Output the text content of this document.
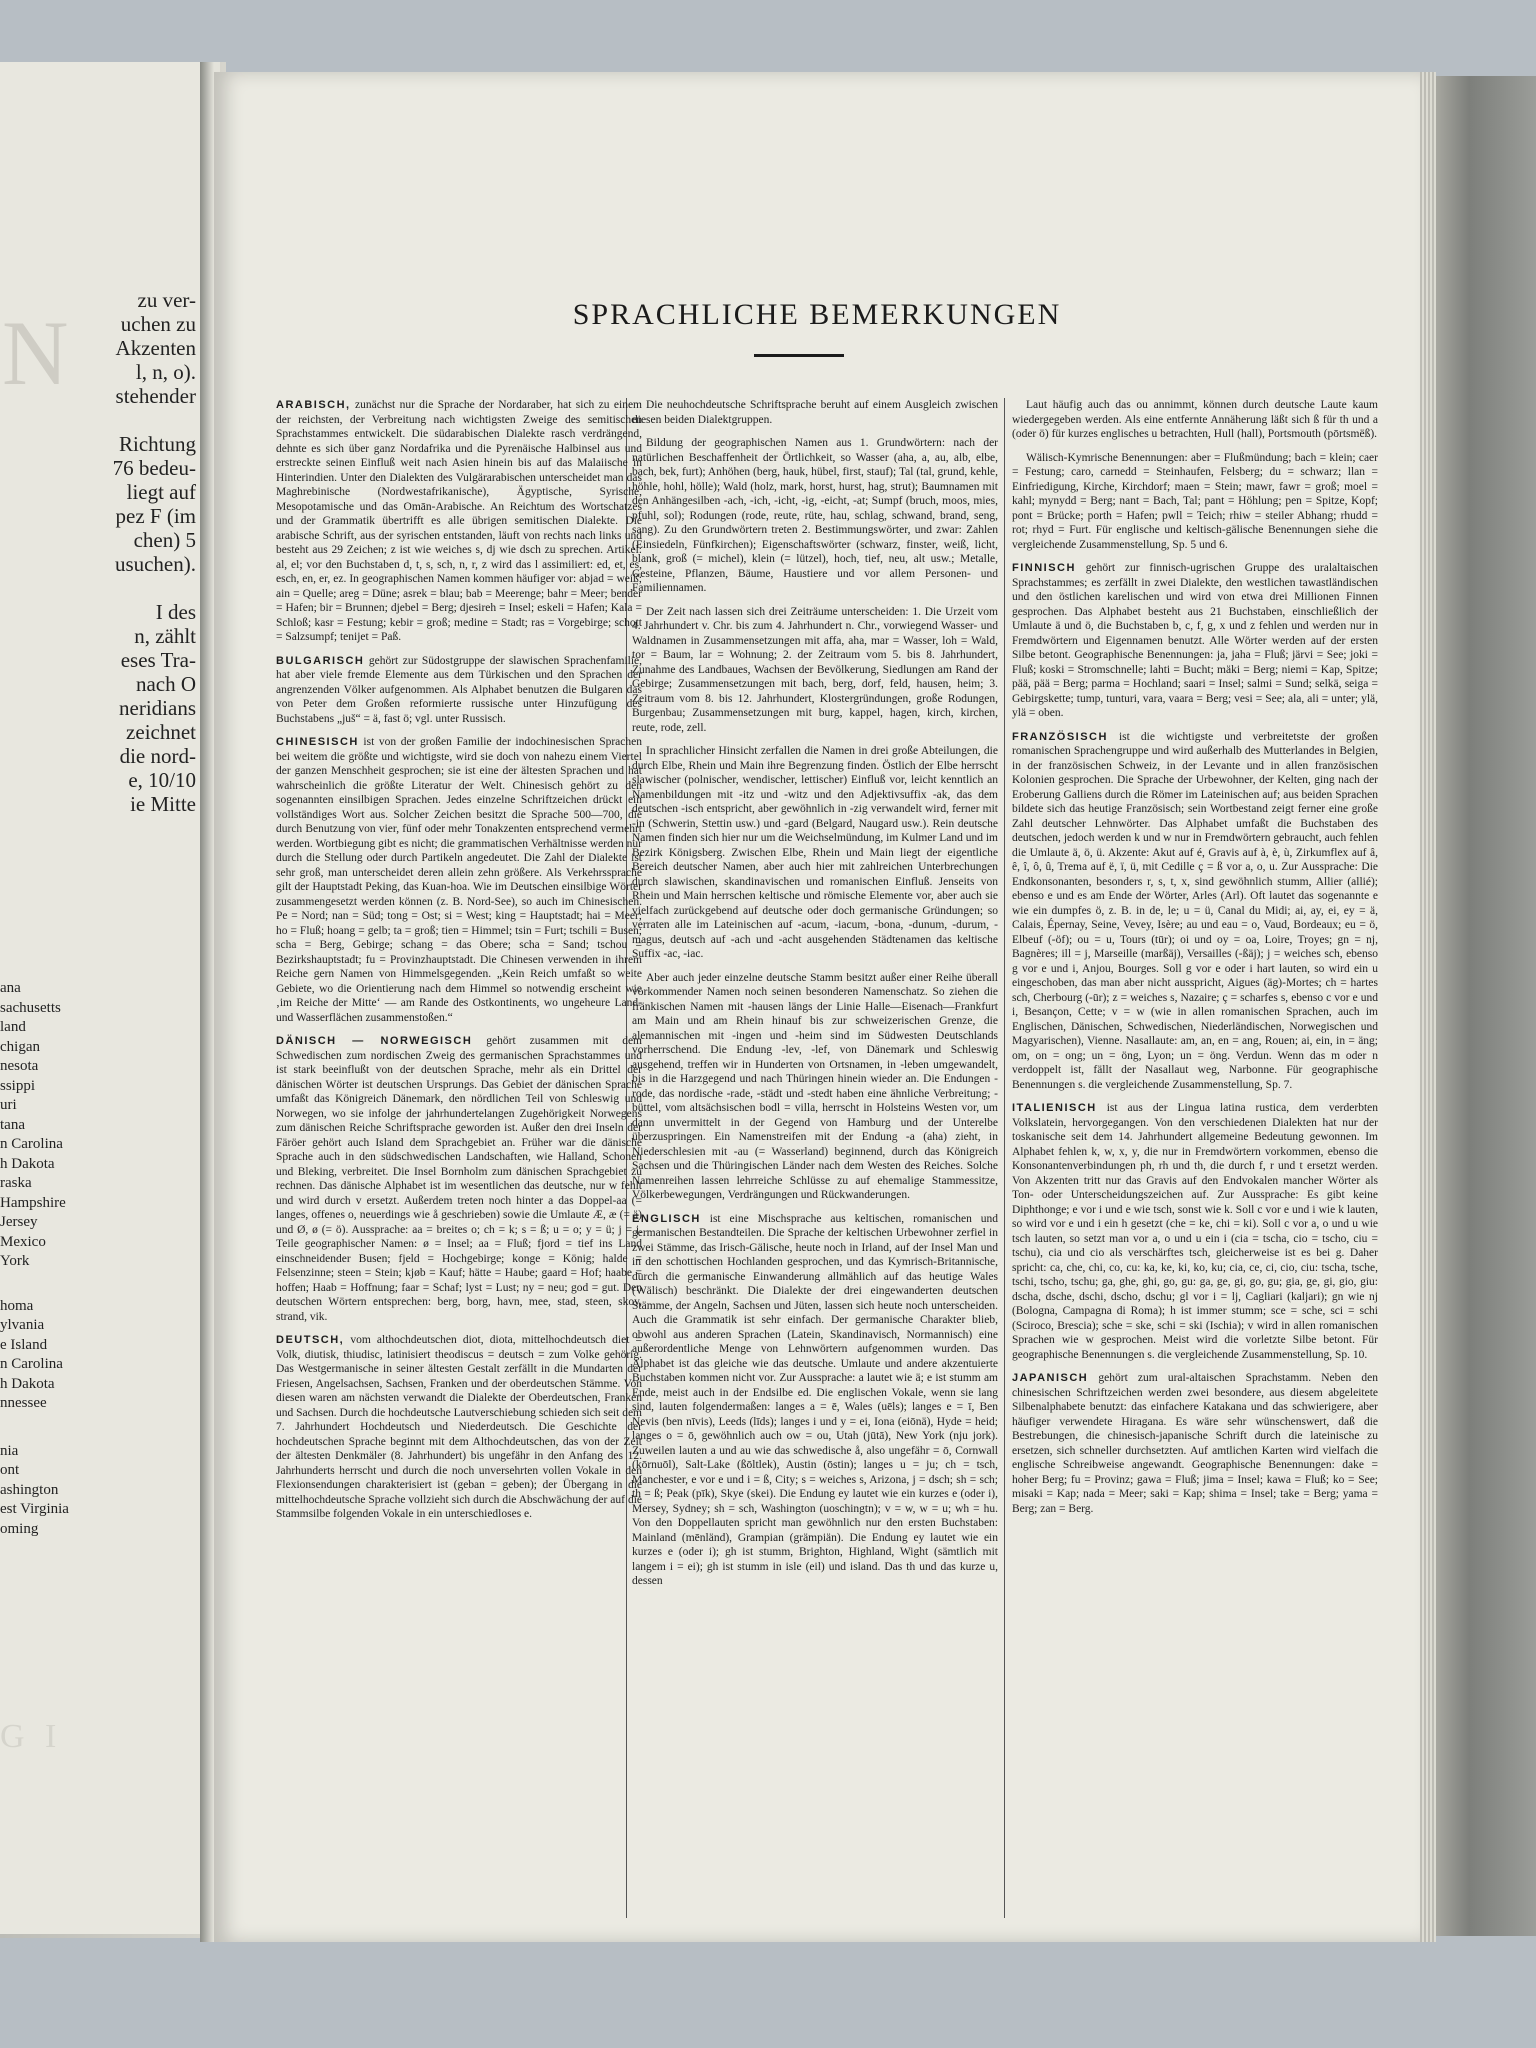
N
zu ver-
uchen zu
Akzenten
l, n, o).
stehender
Richtung
76 bedeu-
liegt auf
pez F (im
chen) 5
usuchen).
I des
n, zählt
eses Tra-
nach O
neridians
zeichnet
die nord-
e, 10/10
ie Mitte
G I
ana
sachusetts
land
chigan
nesota
ssippi
uri
tana
n Carolina
h Dakota
raska
Hampshire
Jersey
Mexico
York
homa
ylvania
e Island
n Carolina
h Dakota
nnessee
nia
ont
ashington
est Virginia
oming
SPRACHLICHE BEMERKUNGEN

ARABISCH, zunächst nur die Sprache der Nordaraber, hat sich zu einem der reichsten, der Verbreitung nach wichtigsten Zweige des semitischen Sprachstammes entwickelt. Die südarabischen Dialekte rasch verdrängend, dehnte es sich über ganz Nordafrika und die Pyrenäische Halbinsel aus und erstreckte seinen Einfluß weit nach Asien hinein bis auf das Malaiische in Hinterindien. Unter den Dialekten des Vulgärarabischen unterscheidet man das Maghrebinische (Nordwestafrikanische), Ägyptische, Syrische, Mesopotamische und das Omān-Arabische. An Reichtum des Wortschatzes und der Grammatik übertrifft es alle übrigen semitischen Dialekte. Die arabische Schrift, aus der syrischen entstanden, läuft von rechts nach links und besteht aus 29 Zeichen; z ist wie weiches s, dj wie dsch zu sprechen. Artikel: al, el; vor den Buchstaben d, t, s, sch, n, r, z wird das l assimiliert: ed, et, es, esch, en, er, ez. In geographischen Namen kommen häufiger vor: abjad = weiß; ain = Quelle; areg = Düne; asrek = blau; bab = Meerenge; bahr = Meer; bender = Hafen; bir = Brunnen; djebel = Berg; djesireh = Insel; eskeli = Hafen; Kala = Schloß; kasr = Festung; kebir = groß; medine = Stadt; ras = Vorgebirge; schott = Salzsumpf; tenijet = Paß.

BULGARISCH gehört zur Südostgruppe der slawischen Sprachenfamilie, hat aber viele fremde Elemente aus dem Türkischen und den Sprachen der angrenzenden Völker aufgenommen. Als Alphabet benutzen die Bulgaren das von Peter dem Großen reformierte russische unter Hinzufügung des Buchstabens „juš“ = ä, fast ö; vgl. unter Russisch.

CHINESISCH ist von der großen Familie der indochinesischen Sprachen bei weitem die größte und wichtigste, wird sie doch von nahezu einem Viertel der ganzen Menschheit gesprochen; sie ist eine der ältesten Sprachen und hat wahrscheinlich die größte Literatur der Welt. Chinesisch gehört zu den sogenannten einsilbigen Sprachen. Jedes einzelne Schriftzeichen drückt ein vollständiges Wort aus. Solcher Zeichen besitzt die Sprache 500—700, die durch Benutzung von vier, fünf oder mehr Tonakzenten entsprechend vermehrt werden. Wortbiegung gibt es nicht; die grammatischen Verhältnisse werden nur durch die Stellung oder durch Partikeln angedeutet. Die Zahl der Dialekte ist sehr groß, man unterscheidet deren allein zehn größere. Als Verkehrssprache gilt der Hauptstadt Peking, das Kuan-hoa. Wie im Deutschen einsilbige Wörter zusammengesetzt werden können (z. B. Nord-See), so auch im Chinesischen. Pe = Nord; nan = Süd; tong = Ost; si = West; king = Hauptstadt; hai = Meer; ho = Fluß; hoang = gelb; ta = groß; tien = Himmel; tsin = Furt; tschili = Busen; scha = Berg, Gebirge; schang = das Obere; scha = Sand; tschou = Bezirkshauptstadt; fu = Provinzhauptstadt. Die Chinesen verwenden in ihrem Reiche gern Namen von Himmelsgegenden. „Kein Reich umfaßt so weite Gebiete, wo die Orientierung nach dem Himmel so notwendig erscheint wie ‚im Reiche der Mitte‘ — am Rande des Ostkontinents, wo ungeheure Land- und Wasserflächen zusammenstoßen.“

DÄNISCH — NORWEGISCH gehört zusammen mit dem Schwedischen zum nordischen Zweig des germanischen Sprachstammes und ist stark beeinflußt von der deutschen Sprache, mehr als ein Drittel der dänischen Wörter ist deutschen Ursprungs. Das Gebiet der dänischen Sprache umfaßt das Königreich Dänemark, den nördlichen Teil von Schleswig und Norwegen, wo sie infolge der jahrhundertelangen Zugehörigkeit Norwegens zum dänischen Reiche Schriftsprache geworden ist. Außer den drei Inseln der Färöer gehört auch Island dem Sprachgebiet an. Früher war die dänische Sprache auch in den südschwedischen Landschaften, wie Halland, Schonen und Bleking, verbreitet. Die Insel Bornholm zum dänischen Sprachgebiet zu rechnen. Das dänische Alphabet ist im wesentlichen das deutsche, nur w fehlt und wird durch v ersetzt. Außerdem treten noch hinter a das Doppel-aa (= langes, offenes o, neuerdings wie å geschrieben) sowie die Umlaute Æ, æ (= ä) und Ø, ø (= ö). Aussprache: aa = breites o; ch = k; s = ß; u = o; y = ü; j = j. Teile geographischer Namen: ø = Insel; aa = Fluß; fjord = tief ins Land einschneidender Busen; fjeld = Hochgebirge; konge = König; halde = Felsenzinne; steen = Stein; kjøb = Kauf; hätte = Haube; gaard = Hof; haabe = hoffen; Haab = Hoffnung; faar = Schaf; lyst = Lust; ny = neu; god = gut. Den deutschen Wörtern entsprechen: berg, borg, havn, mee, stad, steen, skov, strand, vik.

DEUTSCH, vom althochdeutschen diot, diota, mittelhochdeutsch diet = Volk, diutisk, thiudisc, latinisiert theodiscus = deutsch = zum Volke gehörig. Das Westgermanische in seiner ältesten Gestalt zerfällt in die Mundarten der Friesen, Angelsachsen, Sachsen, Franken und der oberdeutschen Stämme. Von diesen waren am nächsten verwandt die Dialekte der Oberdeutschen, Franken und Sachsen. Durch die hochdeutsche Lautverschiebung schieden sich seit dem 7. Jahrhundert Hochdeutsch und Niederdeutsch. Die Geschichte der hochdeutschen Sprache beginnt mit dem Althochdeutschen, das von der Zeit der ältesten Denkmäler (8. Jahrhundert) bis ungefähr in den Anfang des 12. Jahrhunderts herrscht und durch die noch unversehrten vollen Vokale in den Flexionsendungen charakterisiert ist (geban = geben); der Übergang in die mittelhochdeutsche Sprache vollzieht sich durch die Abschwächung der auf die Stammsilbe folgenden Vokale in ein unterschiedloses e.

Die neuhochdeutsche Schriftsprache beruht auf einem Ausgleich zwischen diesen beiden Dialektgruppen.

Bildung der geographischen Namen aus 1. Grundwörtern: nach der natürlichen Beschaffenheit der Örtlichkeit, so Wasser (aha, a, au, alb, elbe, bach, bek, furt); Anhöhen (berg, hauk, hübel, first, stauf); Tal (tal, grund, kehle, höhle, hohl, hölle); Wald (holz, mark, horst, hurst, hag, strut); Baumnamen mit den Anhängesilben -ach, -ich, -icht, -ig, -eicht, -at; Sumpf (bruch, moos, mies, pfuhl, sol); Rodungen (rode, reute, rüte, hau, schlag, schwand, brand, seng, sang). Zu den Grundwörtern treten 2. Bestimmungswörter, und zwar: Zahlen (Einsiedeln, Fünfkirchen); Eigenschaftswörter (schwarz, finster, weiß, licht, blank, groß (= michel), klein (= lützel), hoch, tief, neu, alt usw.; Metalle, Gesteine, Pflanzen, Bäume, Haustiere und vor allem Personen- und Familiennamen.

Der Zeit nach lassen sich drei Zeiträume unterscheiden: 1. Die Urzeit vom 4. Jahrhundert v. Chr. bis zum 4. Jahrhundert n. Chr., vorwiegend Wasser- und Waldnamen in Zusammensetzungen mit affa, aha, mar = Wasser, loh = Wald, tor = Baum, lar = Wohnung; 2. der Zeitraum vom 5. bis 8. Jahrhundert, Zunahme des Landbaues, Wachsen der Bevölkerung, Siedlungen am Rand der Gebirge; Zusammensetzungen mit bach, berg, dorf, feld, hausen, heim; 3. Zeitraum vom 8. bis 12. Jahrhundert, Klostergründungen, große Rodungen, Burgenbau; Zusammensetzungen mit burg, kappel, hagen, kirch, kirchen, reute, rode, zell.

In sprachlicher Hinsicht zerfallen die Namen in drei große Abteilungen, die durch Elbe, Rhein und Main ihre Begrenzung finden. Östlich der Elbe herrscht slawischer (polnischer, wendischer, lettischer) Einfluß vor, leicht kenntlich an Namenbildungen mit -itz und -witz und den Adjektivsuffix -ak, das dem deutschen -isch entspricht, aber gewöhnlich in -zig verwandelt wird, ferner mit -in (Schwerin, Stettin usw.) und -gard (Belgard, Naugard usw.). Rein deutsche Namen finden sich hier nur um die Weichselmündung, im Kulmer Land und im Bezirk Königsberg. Zwischen Elbe, Rhein und Main liegt der eigentliche Bereich deutscher Namen, aber auch hier mit zahlreichen Unterbrechungen durch slawischen, skandinavischen und romanischen Einfluß. Jenseits von Rhein und Main herrschen keltische und römische Elemente vor, aber auch sie vielfach zurückgebend auf deutsche oder doch germanische Gründungen; so verraten alle im Lateinischen auf -acum, -iacum, -bona, -dunum, -durum, -magus, deutsch auf -ach und -acht ausgehenden Städtenamen das keltische Suffix -ac, -iac.

Aber auch jeder einzelne deutsche Stamm besitzt außer einer Reihe überall vorkommender Namen noch seinen besonderen Namenschatz. So ziehen die fränkischen Namen mit -hausen längs der Linie Halle—Eisenach—Frankfurt am Main und am Rhein hinauf bis zur schweizerischen Grenze, die alemannischen mit -ingen und -heim sind im Südwesten Deutschlands vorherrschend. Die Endung -lev, -lef, von Dänemark und Schleswig ausgehend, treffen wir in Hunderten von Ortsnamen, in -leben umgewandelt, bis in die Harzgegend und nach Thüringen hinein wieder an. Die Endungen -rode, das nordische -rade, -städt und -stedt haben eine ähnliche Verbreitung; -büttel, vom altsächsischen bodl = villa, herrscht in Holsteins Westen vor, um dann unvermittelt in der Gegend von Hamburg und der Unterelbe überzuspringen. Ein Namenstreifen mit der Endung -a (aha) zieht, in Niederschlesien mit -au (= Wasserland) beginnend, durch das Königreich Sachsen und die Thüringischen Länder nach dem Westen des Reiches. Solche Namenreihen lassen lehrreiche Schlüsse zu auf ehemalige Stammessitze, Völkerbewegungen, Verdrängungen und Rückwanderungen.

ENGLISCH ist eine Mischsprache aus keltischen, romanischen und germanischen Bestandteilen. Die Sprache der keltischen Urbewohner zerfiel in zwei Stämme, das Irisch-Gälische, heute noch in Irland, auf der Insel Man und in den schottischen Hochlanden gesprochen, und das Kymrisch-Britannische, durch die germanische Einwanderung allmählich auf das heutige Wales (Wälisch) beschränkt. Die Dialekte der drei eingewanderten deutschen Stämme, der Angeln, Sachsen und Jüten, lassen sich heute noch unterscheiden. Auch die Grammatik ist sehr einfach. Der germanische Charakter blieb, obwohl aus anderen Sprachen (Latein, Skandinavisch, Normannisch) eine außerordentliche Menge von Lehnwörtern aufgenommen wurden. Das Alphabet ist das gleiche wie das deutsche. Umlaute und andere akzentuierte Buchstaben kommen nicht vor. Zur Aussprache: a lautet wie ä; e ist stumm am Ende, meist auch in der Endsilbe ed. Die englischen Vokale, wenn sie lang sind, lauten folgendermaßen: langes a = ē, Wales (uēls); langes e = ī, Ben Nevis (ben nīvis), Leeds (līds); langes i und y = ei, Iona (eiōnä), Hyde = heid; langes o = ō, gewöhnlich auch ow = ou, Utah (jūtā), New York (nju jork). Zuweilen lauten a und au wie das schwedische å, also ungefähr = ō, Cornwall (kōrnuōl), Salt-Lake (ßōltlek), Austin (ōstin); langes u = ju; ch = tsch, Manchester, e vor e und i = ß, City; s = weiches s, Arizona, j = dsch; sh = sch; th = ß; Peak (pīk), Skye (skei). Die Endung ey lautet wie ein kurzes e (oder i), Mersey, Sydney; sh = sch, Washington (uoschingtn); v = w, w = u; wh = hu. Von den Doppellauten spricht man gewöhnlich nur den ersten Buchstaben: Mainland (mēnländ), Grampian (grämpiän). Die Endung ey lautet wie ein kurzes e (oder i); gh ist stumm, Brighton, Highland, Wight (sämtlich mit langem i = ei); gh ist stumm in isle (eil) und island. Das th und das kurze u, dessen

Laut häufig auch das ou annimmt, können durch deutsche Laute kaum wiedergegeben werden. Als eine entfernte Annäherung läßt sich ß für th und a (oder ö) für kurzes englisches u betrachten, Hull (hall), Portsmouth (pōrtsmëß).

Wälisch-Kymrische Benennungen: aber = Flußmündung; bach = klein; caer = Festung; caro, carnedd = Steinhaufen, Felsberg; du = schwarz; llan = Einfriedigung, Kirche, Kirchdorf; maen = Stein; mawr, fawr = groß; moel = kahl; mynydd = Berg; nant = Bach, Tal; pant = Höhlung; pen = Spitze, Kopf; pont = Brücke; porth = Hafen; pwll = Teich; rhiw = steiler Abhang; rhudd = rot; rhyd = Furt. Für englische und keltisch-gälische Benennungen siehe die vergleichende Zusammenstellung, Sp. 5 und 6.

FINNISCH gehört zur finnisch-ugrischen Gruppe des uralaltaischen Sprachstammes; es zerfällt in zwei Dialekte, den westlichen tawastländischen und den östlichen karelischen und wird von etwa drei Millionen Finnen gesprochen. Das Alphabet besteht aus 21 Buchstaben, einschließlich der Umlaute ä und ö, die Buchstaben b, c, f, g, x und z fehlen und werden nur in Fremdwörtern und Eigennamen benutzt. Alle Wörter werden auf der ersten Silbe betont. Geographische Benennungen: ja, jaha = Fluß; järvi = See; joki = Fluß; koski = Stromschnelle; lahti = Bucht; mäki = Berg; niemi = Kap, Spitze; pää, pää = Berg; parma = Hochland; saari = Insel; salmi = Sund; selkä, seiga = Gebirgskette; tump, tunturi, vara, vaara = Berg; vesi = See; ala, ali = unter; ylä, ylä = oben.

FRANZÖSISCH ist die wichtigste und verbreitetste der großen romanischen Sprachengruppe und wird außerhalb des Mutterlandes in Belgien, in der französischen Schweiz, in der Levante und in allen französischen Kolonien gesprochen. Die Sprache der Urbewohner, der Kelten, ging nach der Eroberung Galliens durch die Römer im Lateinischen auf; aus beiden Sprachen bildete sich das heutige Französisch; sein Wortbestand zeigt ferner eine große Zahl deutscher Lehnwörter. Das Alphabet umfaßt die Buchstaben des deutschen, jedoch werden k und w nur in Fremdwörtern gebraucht, auch fehlen die Umlaute ä, ö, ü. Akzente: Akut auf é, Gravis auf à, è, ù, Zirkumflex auf â, ê, î, ô, û, Trema auf ë, ï, ü, mit Cedille ç = ß vor a, o, u. Zur Aussprache: Die Endkonsonanten, besonders r, s, t, x, sind gewöhnlich stumm, Allier (allié); ebenso e und es am Ende der Wörter, Arles (Arl). Oft lautet das sogenannte e wie ein dumpfes ö, z. B. in de, le; u = ü, Canal du Midi; ai, ay, ei, ey = ä, Calais, Épernay, Seine, Vevey, Isère; au und eau = o, Vaud, Bordeaux; eu = ö, Elbeuf (-öf); ou = u, Tours (tūr); oi und oy = oa, Loire, Troyes; gn = nj, Bagnères; ill = j, Marseille (marßäj), Versailles (-ßäj); j = weiches sch, ebenso g vor e und i, Anjou, Bourges. Soll g vor e oder i hart lauten, so wird ein u eingeschoben, das man aber nicht ausspricht, Aigues (äg)-Mortes; ch = hartes sch, Cherbourg (-ūr); z = weiches s, Nazaire; ç = scharfes s, ebenso c vor e und i, Besançon, Cette; v = w (wie in allen romanischen Sprachen, auch im Englischen, Dänischen, Schwedischen, Niederländischen, Norwegischen und Magyarischen), Vienne. Nasallaute: am, an, en = ang, Rouen; ai, ein, in = äng; om, on = ong; un = öng, Lyon; un = öng. Verdun. Wenn das m oder n verdoppelt ist, fällt der Nasallaut weg, Narbonne. Für geographische Benennungen s. die vergleichende Zusammenstellung, Sp. 7.

ITALIENISCH ist aus der Lingua latina rustica, dem verderbten Volkslatein, hervorgegangen. Von den verschiedenen Dialekten hat nur der toskanische seit dem 14. Jahrhundert allgemeine Bedeutung gewonnen. Im Alphabet fehlen k, w, x, y, die nur in Fremdwörtern vorkommen, ebenso die Konsonantenverbindungen ph, rh und th, die durch f, r und t ersetzt werden. Von Akzenten tritt nur das Gravis auf den Endvokalen mancher Wörter als Ton- oder Unterscheidungszeichen auf. Zur Aussprache: Es gibt keine Diphthonge; e vor i und e wie tsch, sonst wie k. Soll c vor e und i wie k lauten, so wird vor e und i ein h gesetzt (che = ke, chi = ki). Soll c vor a, o und u wie tsch lauten, so setzt man vor a, o und u ein i (cia = tscha, cio = tscho, ciu = tschu), cia und cio als verschärftes tsch, gleicherweise ist es bei g. Daher spricht: ca, che, chi, co, cu: ka, ke, ki, ko, ku; cia, ce, ci, cio, ciu: tscha, tsche, tschi, tscho, tschu; ga, ghe, ghi, go, gu: ga, ge, gi, go, gu; gia, ge, gi, gio, giu: dscha, dsche, dschi, dscho, dschu; gl vor i = lj, Cagliari (kaljari); gn wie nj (Bologna, Campagna di Roma); h ist immer stumm; sce = sche, sci = schi (Sciroco, Brescia); sche = ske, schi = ski (Ischia); v wird in allen romanischen Sprachen wie w gesprochen. Meist wird die vorletzte Silbe betont. Für geographische Benennungen s. die vergleichende Zusammenstellung, Sp. 10.

JAPANISCH gehört zum ural-altaischen Sprachstamm. Neben den chinesischen Schriftzeichen werden zwei besondere, aus diesem abgeleitete Silbenalphabete benutzt: das einfachere Katakana und das schwierigere, aber häufiger verwendete Hiragana. Es wäre sehr wünschenswert, daß die Bestrebungen, die chinesisch-japanische Schrift durch die lateinische zu ersetzen, sich schneller durchsetzten. Auf amtlichen Karten wird vielfach die englische Schreibweise angewandt. Geographische Benennungen: dake = hoher Berg; fu = Provinz; gawa = Fluß; jima = Insel; kawa = Fluß; ko = See; misaki = Kap; nada = Meer; saki = Kap; shima = Insel; take = Berg; yama = Berg; zan = Berg.
